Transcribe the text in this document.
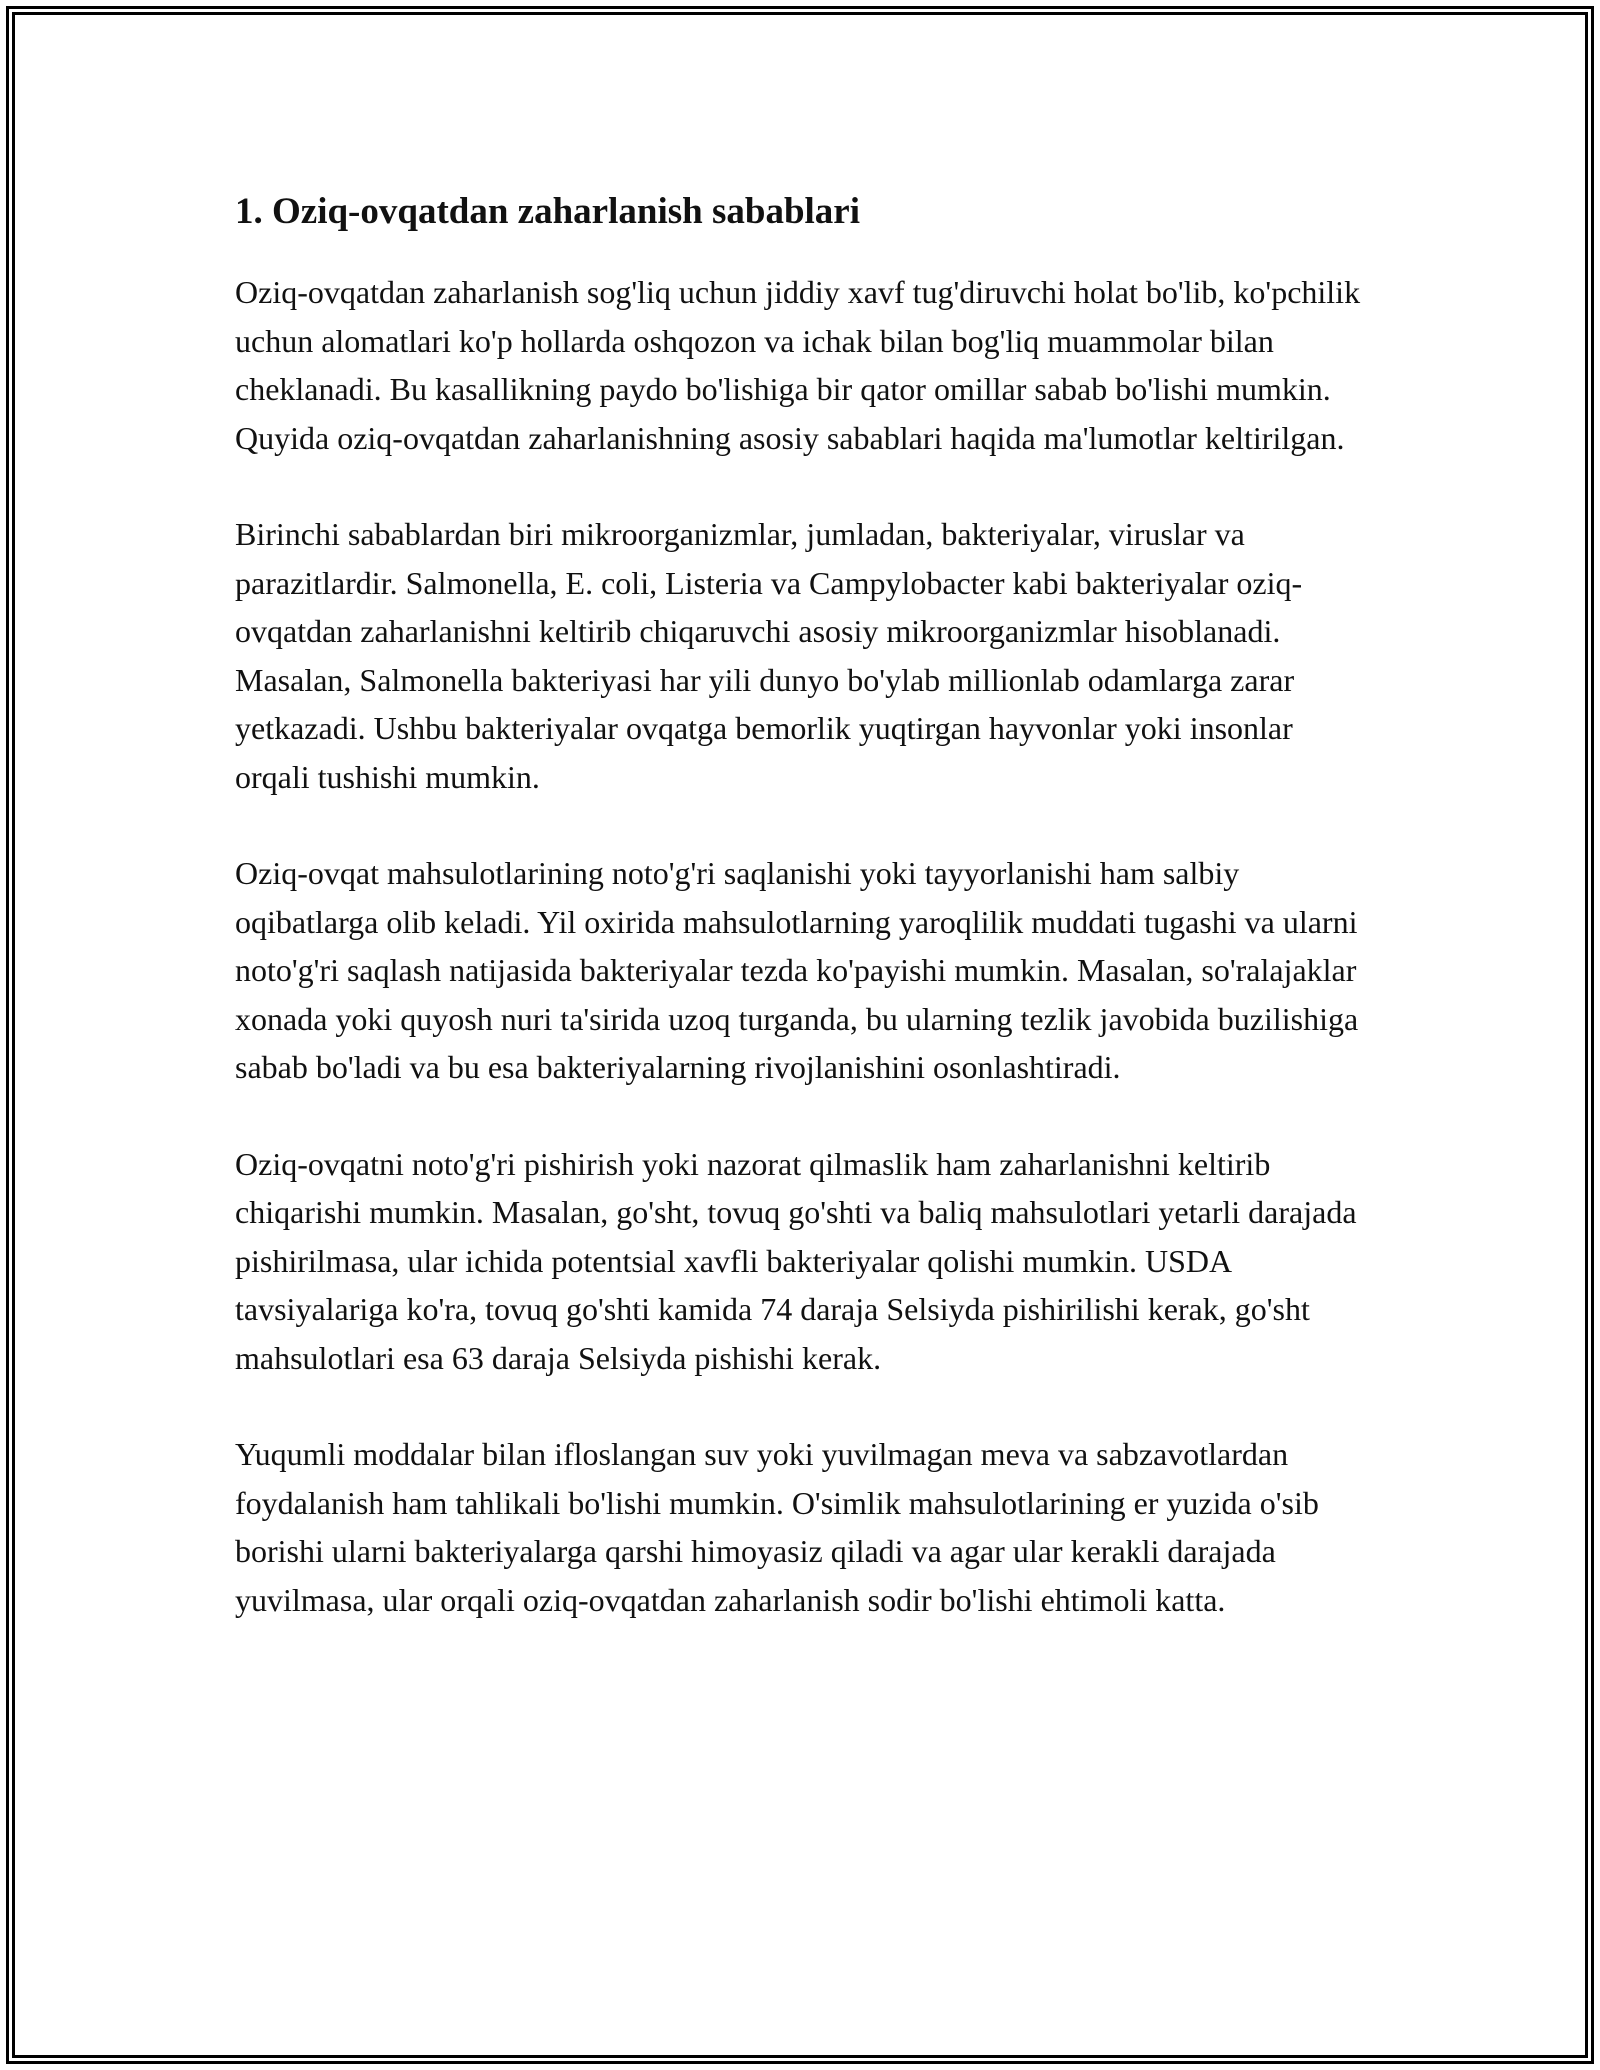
1. Oziq-ovqatdan zaharlanish sabablari

Oziq-ovqatdan zaharlanish sog'liq uchun jiddiy xavf tug'diruvchi holat bo'lib, ko'pchilik uchun alomatlari ko'p hollarda oshqozon va ichak bilan bog'liq muammolar bilan cheklanadi. Bu kasallikning paydo bo'lishiga bir qator omillar sabab bo'lishi mumkin. Quyida oziq-ovqatdan zaharlanishning asosiy sabablari haqida ma'lumotlar keltirilgan.

Birinchi sabablardan biri mikroorganizmlar, jumladan, bakteriyalar, viruslar va parazitlardir. Salmonella, E. coli, Listeria va Campylobacter kabi bakteriyalar oziq-ovqatdan zaharlanishni keltirib chiqaruvchi asosiy mikroorganizmlar hisoblanadi. Masalan, Salmonella bakteriyasi har yili dunyo bo'ylab millionlab odamlarga zarar yetkazadi. Ushbu bakteriyalar ovqatga bemorlik yuqtirgan hayvonlar yoki insonlar orqali tushishi mumkin.

Oziq-ovqat mahsulotlarining noto'g'ri saqlanishi yoki tayyorlanishi ham salbiy oqibatlarga olib keladi. Yil oxirida mahsulotlarning yaroqlilik muddati tugashi va ularni noto'g'ri saqlash natijasida bakteriyalar tezda ko'payishi mumkin. Masalan, so'ralajaklar xonada yoki quyosh nuri ta'sirida uzoq turganda, bu ularning tezlik javobida buzilishiga sabab bo'ladi va bu esa bakteriyalarning rivojlanishini osonlashtiradi.

Oziq-ovqatni noto'g'ri pishirish yoki nazorat qilmaslik ham zaharlanishni keltirib chiqarishi mumkin. Masalan, go'sht, tovuq go'shti va baliq mahsulotlari yetarli darajada pishirilmasa, ular ichida potentsial xavfli bakteriyalar qolishi mumkin. USDA tavsiyalariga ko'ra, tovuq go'shti kamida 74 daraja Selsiyda pishirilishi kerak, go'sht mahsulotlari esa 63 daraja Selsiyda pishishi kerak.

Yuqumli moddalar bilan ifloslangan suv yoki yuvilmagan meva va sabzavotlardan foydalanish ham tahlikali bo'lishi mumkin. O'simlik mahsulotlarining er yuzida o'sib borishi ularni bakteriyalarga qarshi himoyasiz qiladi va agar ular kerakli darajada yuvilmasa, ular orqali oziq-ovqatdan zaharlanish sodir bo'lishi ehtimoli katta.
